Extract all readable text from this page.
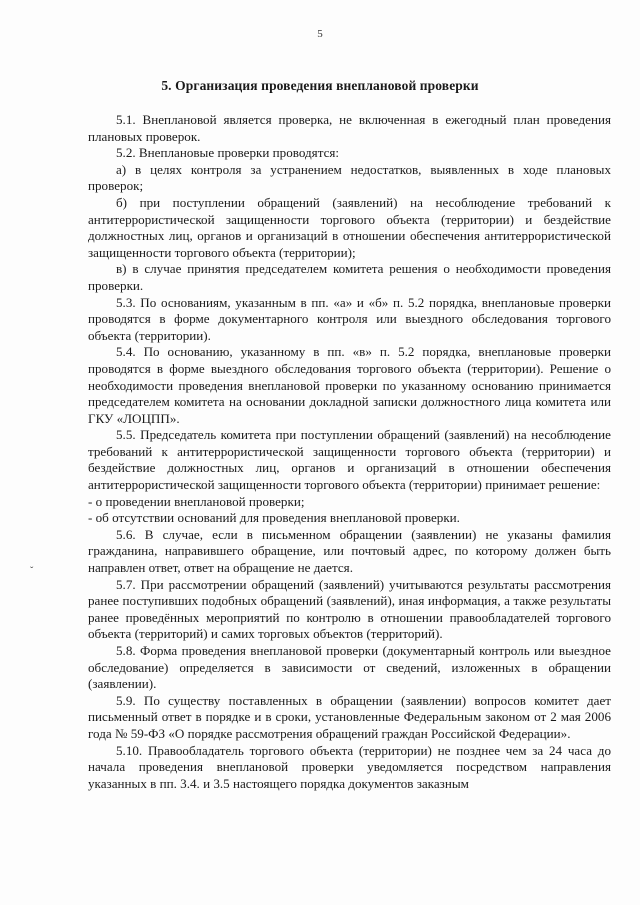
5
5. Организация проведения внеплановой проверки
ˇ

5.1. Внеплановой является проверка, не включенная в ежегодный план проведения плановых проверок.

5.2. Внеплановые проверки проводятся:

а) в целях контроля за устранением недостатков, выявленных в ходе плановых проверок;

б) при поступлении обращений (заявлений) на несоблюдение требований к антитеррористической защищенности торгового объекта (территории) и бездействие должностных лиц, органов и организаций в отношении обеспечения антитеррористической защищенности торгового объекта (территории);

в) в случае принятия председателем комитета решения о необходимости проведения проверки.

5.3. По основаниям, указанным в пп. «а» и «б» п. 5.2 порядка, внеплановые проверки проводятся в форме документарного контроля или выездного обследования торгового объекта (территории).

5.4. По основанию, указанному в пп. «в» п. 5.2 порядка, внеплановые проверки проводятся в форме выездного обследования торгового объекта (территории). Решение о необходимости проведения внеплановой проверки по указанному основанию принимается председателем комитета на основании докладной записки должностного лица комитета или ГКУ «ЛОЦПП».

5.5. Председатель комитета при поступлении обращений (заявлений) на несоблюдение требований к антитеррористической защищенности торгового объекта (территории) и бездействие должностных лиц, органов и организаций в отношении обеспечения антитеррористической защищенности торгового объекта (территории) принимает решение:

- о проведении внеплановой проверки;

- об отсутствии оснований для проведения внеплановой проверки.

5.6. В случае, если в письменном обращении (заявлении) не указаны фамилия гражданина, направившего обращение, или почтовый адрес, по которому должен быть направлен ответ, ответ на обращение не дается.

5.7. При рассмотрении обращений (заявлений) учитываются результаты рассмотрения ранее поступивших подобных обращений (заявлений), иная информация, а также результаты ранее проведённых мероприятий по контролю в отношении правообладателей торгового объекта (территорий) и самих торговых объектов (территорий).

5.8. Форма проведения внеплановой проверки (документарный контроль или выездное обследование) определяется в зависимости от сведений, изложенных в обращении (заявлении).

5.9. По существу поставленных в обращении (заявлении) вопросов комитет дает письменный ответ в порядке и в сроки, установленные Федеральным законом от 2 мая 2006 года № 59-ФЗ «О порядке рассмотрения обращений граждан Российской Федерации».

5.10. Правообладатель торгового объекта (территории) не позднее чем за 24 часа до начала проведения внеплановой проверки уведомляется посредством направления указанных в пп. 3.4. и 3.5 настоящего порядка документов заказным
